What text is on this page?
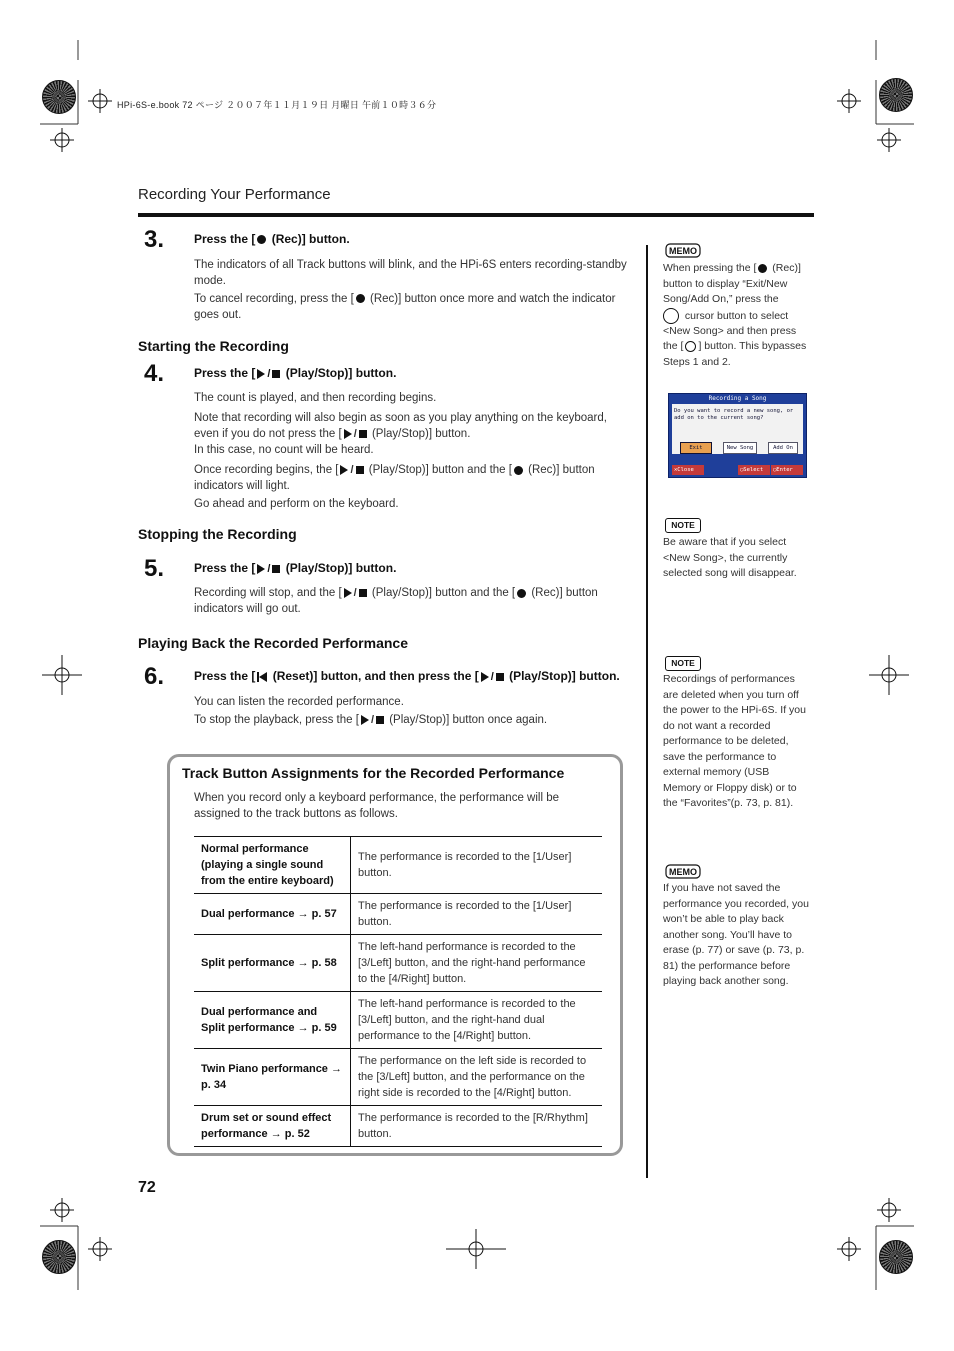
HPi-6S-e.book 72 ページ ２００７年１１月１９日 月曜日 午前１０時３６分
Recording Your Performance
3. Press the [ (Rec)] button.

The indicators of all Track buttons will blink, and the HPi-6S enters recording-standby mode.

To cancel recording, press the [ (Rec)] button once more and watch the indicator goes out.

Starting the Recording
4. Press the [ / (Play/Stop)] button.

The count is played, and then recording begins.

Note that recording will also begin as soon as you play anything on the keyboard, even if you do not press the [ / (Play/Stop)] button.
In this case, no count will be heard.

Once recording begins, the [ / (Play/Stop)] button and the [ (Rec)] button indicators will light.

Go ahead and perform on the keyboard.

Stopping the Recording
5. Press the [ / (Play/Stop)] button.

Recording will stop, and the [ / (Play/Stop)] button and the [ (Rec)] button indicators will go out.

Playing Back the Recorded Performance
6. Press the [
(Reset)] button, and then press the [ / (Play/Stop)] button.

You can listen the recorded performance.

To stop the playback, press the [ / (Play/Stop)] button once again.

Track Button Assignments for the Recorded Performance
When you record only a keyboard performance, the performance will be assigned to the track buttons as follows.
Normal performance (playing a single sound from the entire keyboard)	The performance is recorded to the [1/User] button.
Dual performance → p. 57	The performance is recorded to the [1/User] button.
Split performance → p. 58	The left-hand performance is recorded to the [3/Left] button, and the right-hand performance to the [4/Right] button.
Dual performance and Split performance → p. 59	The left-hand performance is recorded to the [3/Left] button, and the right-hand dual performance to the [4/Right] button.
Twin Piano performance → p. 34	The performance on the left side is recorded to the [3/Left] button, and the performance on the right side is recorded to the [4/Right] button.
Drum set or sound effect performance → p. 52	The performance is recorded to the [R/Rhythm] button.
72
MEMO
When pressing the [ (Rec)] button to display “Exit/New Song/Add On,” press the
cursor button to select <New Song> and then press the [ ] button. This bypasses Steps 1 and 2.
Recording a Song
Do you want to record a new song, or add on to the current song?
Exit	New Song	Add On
✕Close	◯Select	◯Enter
NOTE
Be aware that if you select <New Song>, the currently selected song will disappear.
NOTE
Recordings of performances are deleted when you turn off the power to the HPi-6S. If you do not want a recorded performance to be deleted, save the performance to external memory (USB Memory or Floppy disk) or to the “Favorites”(p. 73, p. 81).
MEMO
If you have not saved the performance you recorded, you won’t be able to play back another song. You’ll have to erase (p. 77) or save (p. 73, p. 81) the performance before playing back another song.
